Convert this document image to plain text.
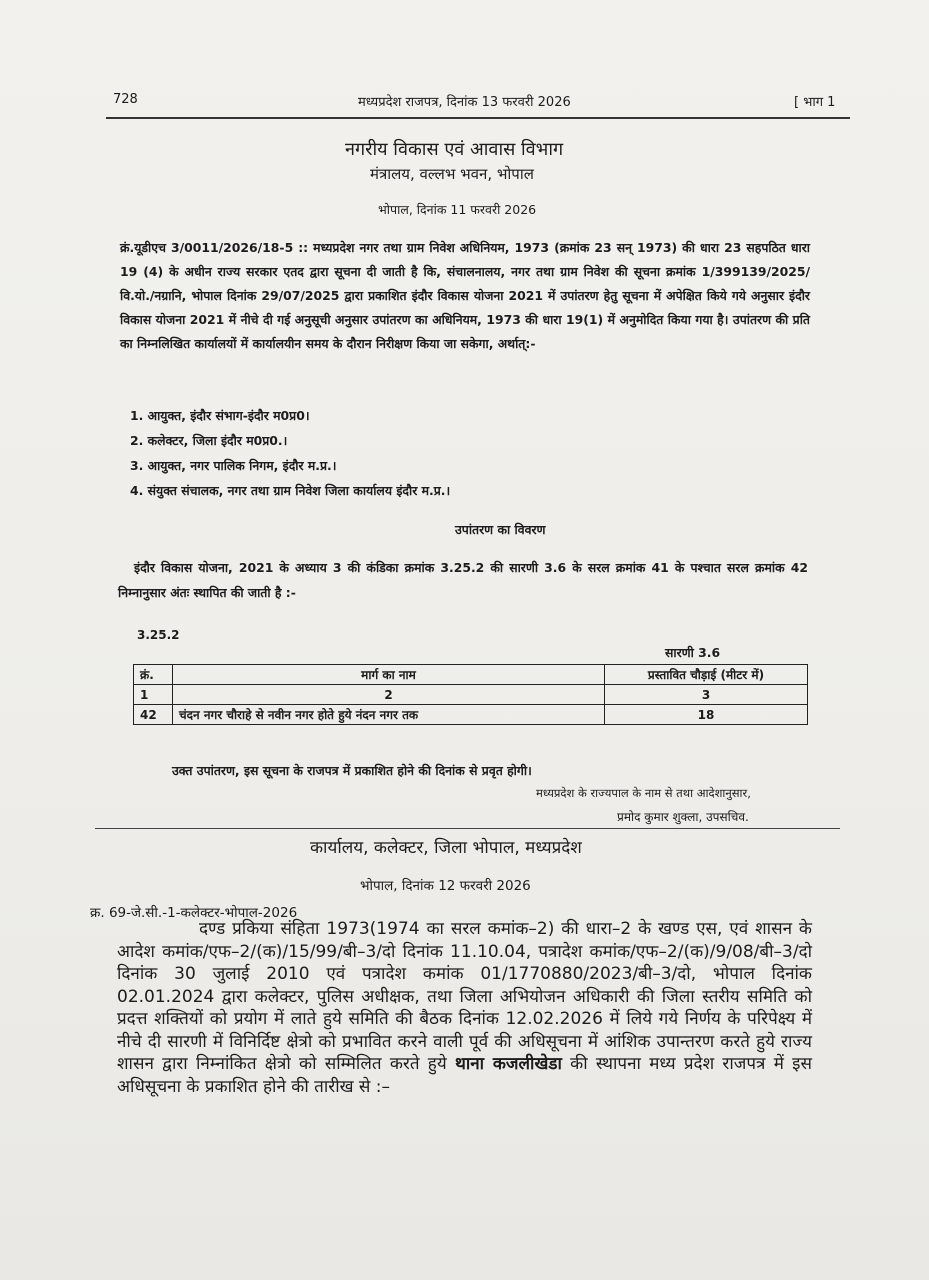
728	मध्यप्रदेश राजपत्र, दिनांक 13 फरवरी 2026	[ भाग 1
नगरीय विकास एवं आवास विभाग
मंत्रालय, वल्लभ भवन, भोपाल
भोपाल, दिनांक 11 फरवरी 2026
क्रं.यूडीएच 3/0011/2026/18-5 :: मध्यप्रदेश नगर तथा ग्राम निवेश अधिनियम, 1973 (क्रमांक 23 सन् 1973) की धारा 23 सहपठित धारा 19 (4) के अधीन राज्य सरकार एतद द्वारा सूचना दी जाती है कि, संचालनालय, नगर तथा ग्राम निवेश की सूचना क्रमांक 1/399139/2025/वि.यो./नग्रानि, भोपाल दिनांक 29/07/2025 द्वारा प्रकाशित इंदौर विकास योजना 2021 में उपांतरण हेतु सूचना में अपेक्षित किये गये अनुसार इंदौर विकास योजना 2021 में नीचे दी गई अनुसूची अनुसार उपांतरण का अधिनियम, 1973 की धारा 19(1) में अनुमोदित किया गया है। उपांतरण की प्रति का निम्नलिखित कार्यालयों में कार्यालयीन समय के दौरान निरीक्षण किया जा सकेगा, अर्थात्:-
1. आयुक्त, इंदौर संभाग-इंदौर म0प्र0।
2. कलेक्टर, जिला इंदौर म0प्र0.।
3. आयुक्त, नगर पालिक निगम, इंदौर म.प्र.।
4. संयुक्त संचालक, नगर तथा ग्राम निवेश जिला कार्यालय इंदौर म.प्र.।
उपांतरण का विवरण
इंदौर विकास योजना, 2021 के अध्याय 3 की कंडिका क्रमांक 3.25.2 की सारणी 3.6 के सरल क्रमांक 41 के पश्चात सरल क्रमांक 42 निम्नानुसार अंतः स्थापित की जाती है :-
3.25.2
सारणी 3.6
क्रं.	मार्ग का नाम	प्रस्तावित चौड़ाई (मीटर में)
1	2	3
42	चंदन नगर चौराहे से नवीन नगर होते हुये नंदन नगर तक	18
उक्त उपांतरण, इस सूचना के राजपत्र में प्रकाशित होने की दिनांक से प्रवृत होगी।
मध्यप्रदेश के राज्यपाल के नाम से तथा आदेशानुसार,
प्रमोद कुमार शुक्ला, उपसचिव.
कार्यालय, कलेक्टर, जिला भोपाल, मध्यप्रदेश
भोपाल, दिनांक 12 फरवरी 2026
क्र. 69-जे.सी.-1-कलेक्टर-भोपाल-2026
दण्ड प्रकिया संहिता 1973(1974 का सरल कमांक–2) की धारा–2 के खण्ड एस, एवं शासन के आदेश कमांक/एफ–2/(क)/15/99/बी–3/दो दिनांक 11.10.04, पत्रादेश कमांक/एफ–2/(क)/9/08/बी–3/दो दिनांक 30 जुलाई 2010 एवं पत्रादेश कमांक 01/1770880/2023/बी–3/दो, भोपाल दिनांक 02.01.2024 द्वारा कलेक्टर, पुलिस अधीक्षक, तथा जिला अभियोजन अधिकारी की जिला स्तरीय समिति को प्रदत्त शक्तियों को प्रयोग में लाते हुये समिति की बैठक दिनांक 12.02.2026 में लिये गये निर्णय के परिपेक्ष्य में नीचे दी सारणी में विनिर्दिष्ट क्षेत्रो को प्रभावित करने वाली पूर्व की अधिसूचना में आंशिक उपान्तरण करते हुये राज्य शासन द्वारा निम्नांकित क्षेत्रो को सम्मिलित करते हुये थाना कजलीखेडा की स्थापना मध्य प्रदेश राजपत्र में इस अधिसूचना के प्रकाशित होने की तारीख से :–
